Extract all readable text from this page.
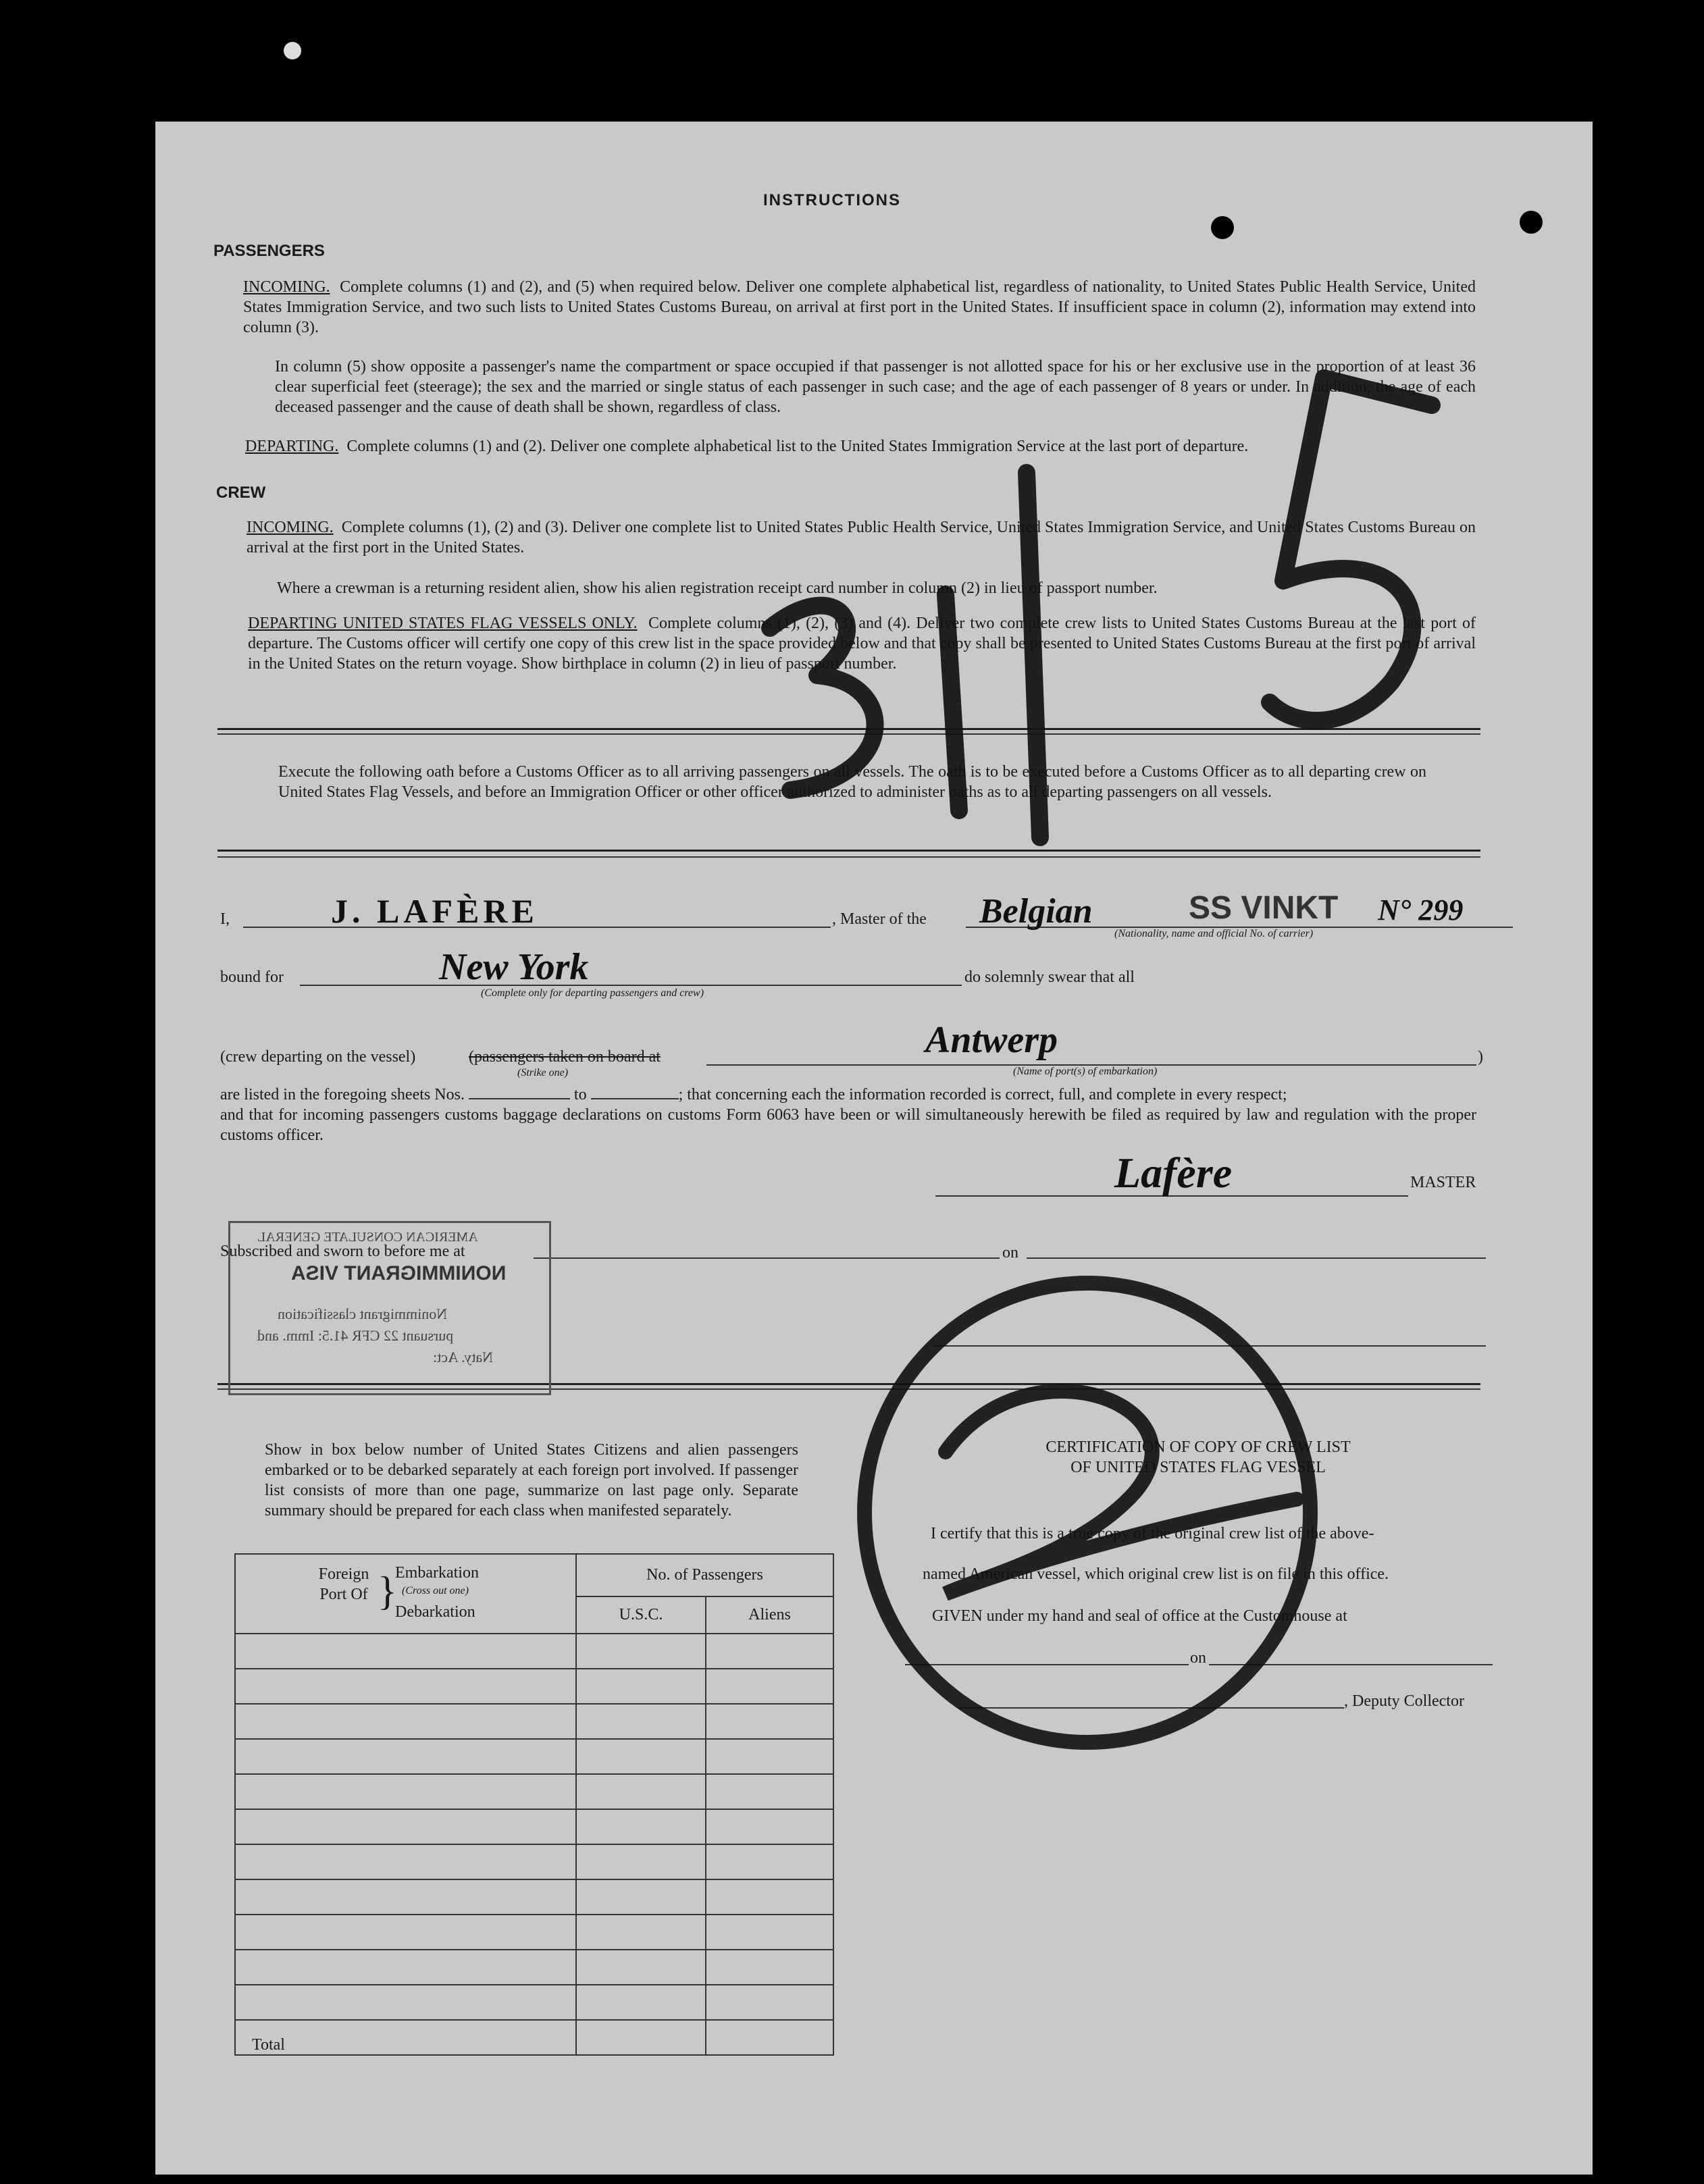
INSTRUCTIONS
PASSENGERS
INCOMING. Complete columns (1) and (2), and (5) when required below. Deliver one complete alphabetical list, regardless of nationality, to United States Public Health Service, United States Immigration Service, and two such lists to United States Customs Bureau, on arrival at first port in the United States. If insufficient space in column (2), information may extend into column (3).
In column (5) show opposite a passenger's name the compartment or space occupied if that passenger is not allotted space for his or her exclusive use in the proportion of at least 36 clear superficial feet (steerage); the sex and the married or single status of each passenger in such case; and the age of each passenger of 8 years or under. In addition, the age of each deceased passenger and the cause of death shall be shown, regardless of class.
DEPARTING. Complete columns (1) and (2). Deliver one complete alphabetical list to the United States Immigration Service at the last port of departure.
CREW
INCOMING. Complete columns (1), (2) and (3). Deliver one complete list to United States Public Health Service, United States Immigration Service, and United States Customs Bureau on arrival at the first port in the United States.
Where a crewman is a returning resident alien, show his alien registration receipt card number in column (2) in lieu of passport number.
DEPARTING UNITED STATES FLAG VESSELS ONLY. Complete columns (1), (2), (3) and (4). Deliver two complete crew lists to United States Customs Bureau at the last port of departure. The Customs officer will certify one copy of this crew list in the space provided below and that copy shall be presented to United States Customs Bureau at the first port of arrival in the United States on the return voyage. Show birthplace in column (2) in lieu of passport number.
Execute the following oath before a Customs Officer as to all arriving passengers on all vessels. The oath is to be executed before a Customs Officer as to all departing crew on United States Flag Vessels, and before an Immigration Officer or other officer authorized to administer oaths as to all departing passengers on all vessels.
I,	J. LAFÈRE	, Master of the Belgian	SS VINKT N° 299
(Nationality, name and official No. of carrier)
bound for	New York
(Complete only for departing passengers and crew)
do solemnly swear that all
(crew departing on the vessel)	(passengers taken on board at
(Strike one)
Antwerp
(Name of port(s) of embarkation)
)
are listed in the foregoing sheets Nos.	to	; that concerning each the information recorded is correct, full, and complete in every respect;
and that for incoming passengers customs baggage declarations on customs Form 6063 have been or will simultaneously herewith be filed as required by law and regulation with the proper customs officer.
Lafère	MASTER
Subscribed and sworn to before me at	on
AMERICAN CONSULATE GENERAL
NONIMMIGRANT VISA
Nonimmigrant classification
pursuant 22 CFR 41.5: Imm. and
Naty. Act:
Show in box below number of United States Citizens and alien passengers embarked or to be debarked separately at each foreign port involved. If passenger list consists of more than one page, summarize on last page only. Separate summary should be prepared for each class when manifested separately.
Foreign Port Of }
Embarkation
(Cross out one)
Debarkation	No. of Passengers	
	U.S.C.	Aliens

Total		
CERTIFICATION OF COPY OF CREW LIST
OF UNITED STATES FLAG VESSEL
I certify that this is a true copy of the original crew list of the above-
named American vessel, which original crew list is on file in this office.
GIVEN under my hand and seal of office at the Customhouse at
on
, Deputy Collector
